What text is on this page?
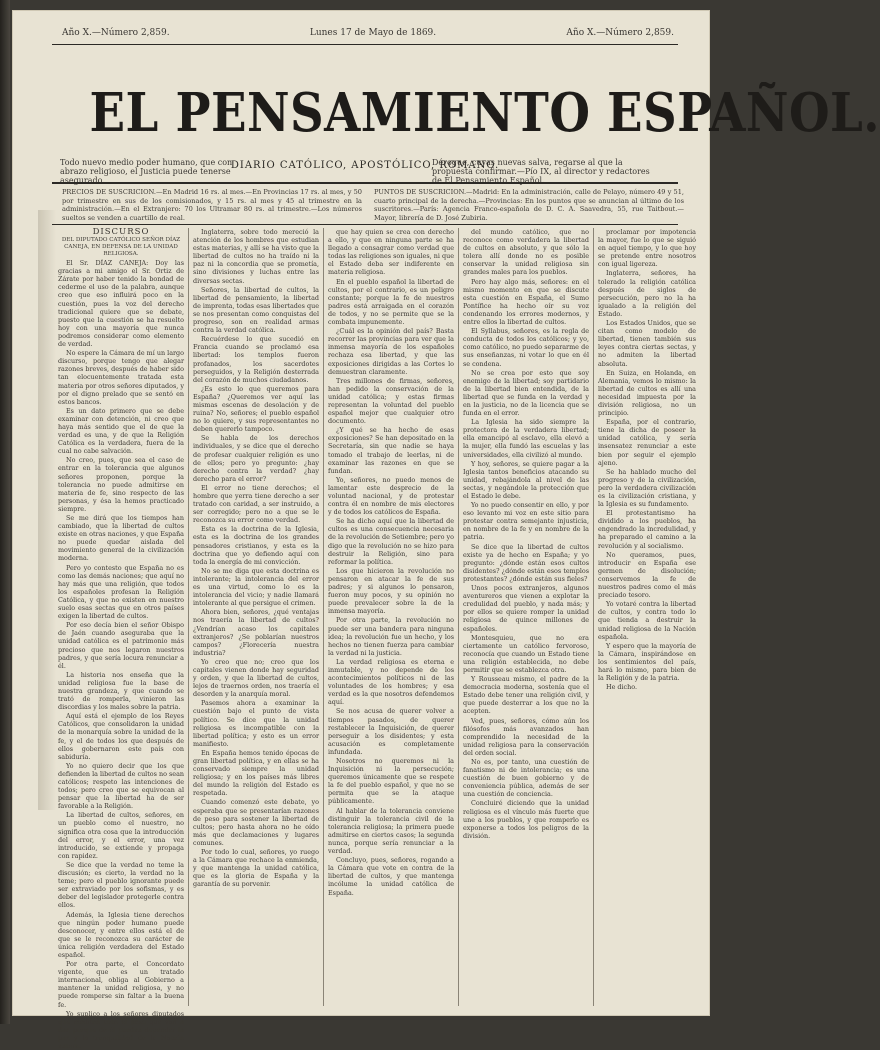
Año X.—Número 2,859.	Lunes 17 de Mayo de 1869.	Año X.—Número 2,859.
EL PENSAMIENTO ESPAÑOL.
Todo nuevo medio poder humano, que con abrazo religioso, el Justicia puede tenerse asegurado.
DIARIO CATÓLICO, APOSTÓLICO, ROMANO.
Dérogue, cuyas nuevas salva, regarse al que la propuesta confirmar.—Pío IX, al director y redactores de El Pensamiento Español.
PRECIOS DE SUSCRICION.—En Madrid 16 rs. al mes.—En Provincias 17 rs. al mes, y 50 por trimestre en sus de los comisionados, y 15 rs. al mes y 45 al trimestre en la administración.—En el Extranjero: 70 los Ultramar 80 rs. al trimestre.—Los números sueltos se venden a cuartillo de real.
PUNTOS DE SUSCRICION.—Madrid: En la administración, calle de Pelayo, número 49 y 51, cuarto principal de la derecha.—Provincias: En los puntos que se anuncian al último de los suscritores.—París: Agencia Franco-española de D. C. A. Saavedra, 55, rue Taitbout.—Mayor, librería de D. José Zubiria.

DISCURSO

DEL DIPUTADO CATÓLICO SEÑOR DÍAZ CANEJA, EN DEFENSA DE LA UNIDAD RELIGIOSA.

El Sr. DÍAZ CANEJA: Doy las gracias a mi amigo el Sr. Ortiz de Zárate por haber tenido la bondad de cederme el uso de la palabra, aunque creo que eso influirá poco en la cuestión, pues la voz del derecho tradicional quiere que se debate, puesto que la cuestión se ha resuelto hoy con una mayoría que nunca podremos considerar como elemento de verdad.

No espere la Cámara de mí un largo discurso, porque tengo que alegar razones breves, después de haber sido tan elocuentemente tratada esta materia por otros señores diputados, y por el digno prelado que se sentó en estos bancos.

Es un dato primero que se debe examinar con detención, ni creo que haya más sentido que el de que la verdad es una, y de que la Religión Católica es la verdadera, fuera de la cual no cabe salvación.

No creo, pues, que sea el caso de entrar en la tolerancia que algunos señores proponen, porque la tolerancia no puede admitirse en materia de fe, sino respecto de las personas, y ésa la hemos practicado siempre.

Se me dirá que los tiempos han cambiado, que la libertad de cultos existe en otras naciones, y que España no puede quedar aislada del movimiento general de la civilización moderna.

Pero yo contesto que España no es como las demás naciones; que aquí no hay más que una religión, que todos los españoles profesan la Religión Católica, y que no existen en nuestro suelo esas sectas que en otros países exigen la libertad de cultos.

Por eso decía bien el señor Obispo de Jaén cuando aseguraba que la unidad católica es el patrimonio más precioso que nos legaron nuestros padres, y que sería locura renunciar a él.

La historia nos enseña que la unidad religiosa fue la base de nuestra grandeza, y que cuando se trató de romperla, vinieron las discordias y los males sobre la patria.

Aquí está el ejemplo de los Reyes Católicos, que consolidaron la unidad de la monarquía sobre la unidad de la fe, y el de todos los que después de ellos gobernaron este país con sabiduría.

Yo no quiero decir que los que defienden la libertad de cultos no sean católicos; respeto las intenciones de todos; pero creo que se equivocan al pensar que la libertad ha de ser favorable a la Religión.

La libertad de cultos, señores, en un pueblo como el nuestro, no significa otra cosa que la introducción del error, y el error, una vez introducido, se extiende y propaga con rapidez.

Se dice que la verdad no teme la discusión; es cierto, la verdad no la teme; pero el pueblo ignorante puede ser extraviado por los sofismas, y es deber del legislador protegerle contra ellos.

Además, la Iglesia tiene derechos que ningún poder humano puede desconocer, y entre ellos está el de que se le reconozca su carácter de única religión verdadera del Estado español.

Por otra parte, el Concordato vigente, que es un tratado internacional, obliga al Gobierno a mantener la unidad religiosa, y no puede romperse sin faltar a la buena fe.

Yo suplico a los señores diputados que mediten bien el paso que van a dar, porque de él pueden depender la paz y la tranquilidad de la Nación entera.

Inglaterra, sobre todo mereció la atención de los hombres que estudian estas materias, y allí se ha visto que la libertad de cultos no ha traído ni la paz ni la concordia que se prometía, sino divisiones y luchas entre las diversas sectas.

Señores, la libertad de cultos, la libertad de pensamiento, la libertad de imprenta, todas esas libertades que se nos presentan como conquistas del progreso, son en realidad armas contra la verdad católica.

Recuérdese lo que sucedió en Francia cuando se proclamó esa libertad: los templos fueron profanados, los sacerdotes perseguidos, y la Religión desterrada del corazón de muchos ciudadanos.

¿Es esto lo que queremos para España? ¿Queremos ver aquí las mismas escenas de desolación y de ruina? No, señores; el pueblo español no lo quiere, y sus representantes no deben quererlo tampoco.

Se habla de los derechos individuales, y se dice que el derecho de profesar cualquier religión es uno de ellos; pero yo pregunto: ¿hay derecho contra la verdad? ¿hay derecho para el error?

El error no tiene derechos; el hombre que yerra tiene derecho a ser tratado con caridad, a ser instruido, a ser corregido; pero no a que se le reconozca su error como verdad.

Esta es la doctrina de la Iglesia, esta es la doctrina de los grandes pensadores cristianos, y esta es la doctrina que yo defiendo aquí con toda la energía de mi convicción.

No se me diga que esta doctrina es intolerante; la intolerancia del error es una virtud, como lo es la intolerancia del vicio; y nadie llamará intolerante al que persigue el crimen.

Ahora bien, señores, ¿qué ventajas nos traería la libertad de cultos? ¿Vendrían acaso los capitales extranjeros? ¿Se poblarían nuestros campos? ¿Florecería nuestra industria?

Yo creo que no; creo que los capitales vienen donde hay seguridad y orden, y que la libertad de cultos, lejos de traernos orden, nos traería el desorden y la anarquía moral.

Pasemos ahora a examinar la cuestión bajo el punto de vista político. Se dice que la unidad religiosa es incompatible con la libertad política; y esto es un error manifiesto.

En España hemos tenido épocas de gran libertad política, y en ellas se ha conservado siempre la unidad religiosa; y en los países más libres del mundo la religión del Estado es respetada.

Cuando comenzó este debate, yo esperaba que se presentarían razones de peso para sostener la libertad de cultos; pero hasta ahora no he oído más que declamaciones y lugares comunes.

Por todo lo cual, señores, yo ruego a la Cámara que rechace la enmienda, y que mantenga la unidad católica, que es la gloria de España y la garantía de su porvenir.

que hay quien se crea con derecho a ello, y que en ninguna parte se ha llegado a consagrar como verdad que todas las religiones son iguales, ni que el Estado deba ser indiferente en materia religiosa.

En el pueblo español la libertad de cultos, por el contrario, es un peligro constante; porque la fe de nuestros padres está arraigada en el corazón de todos, y no se permite que se la combata impunemente.

¿Cuál es la opinión del país? Basta recorrer las provincias para ver que la inmensa mayoría de los españoles rechaza esa libertad, y que las exposiciones dirigidas a las Cortes lo demuestran claramente.

Tres millones de firmas, señores, han pedido la conservación de la unidad católica; y estas firmas representan la voluntad del pueblo español mejor que cualquier otro documento.

¿Y qué se ha hecho de esas exposiciones? Se han depositado en la Secretaría, sin que nadie se haya tomado el trabajo de leerlas, ni de examinar las razones en que se fundan.

Yo, señores, no puedo menos de lamentar este desprecio de la voluntad nacional, y de protestar contra él en nombre de mis electores y de todos los católicos de España.

Se ha dicho aquí que la libertad de cultos es una consecuencia necesaria de la revolución de Setiembre; pero yo digo que la revolución no se hizo para destruir la Religión, sino para reformar la política.

Los que hicieron la revolución no pensaron en atacar la fe de sus padres; y si algunos lo pensaron, fueron muy pocos, y su opinión no puede prevalecer sobre la de la inmensa mayoría.

Por otra parte, la revolución no puede ser una bandera para ninguna idea; la revolución fue un hecho, y los hechos no tienen fuerza para cambiar la verdad ni la justicia.

La verdad religiosa es eterna e inmutable, y no depende de los acontecimientos políticos ni de las voluntades de los hombres; y esa verdad es la que nosotros defendemos aquí.

Se nos acusa de querer volver a tiempos pasados, de querer restablecer la Inquisición, de querer perseguir a los disidentes; y esta acusación es completamente infundada.

Nosotros no queremos ni la Inquisición ni la persecución; queremos únicamente que se respete la fe del pueblo español, y que no se permita que se la ataque públicamente.

Al hablar de la tolerancia conviene distinguir la tolerancia civil de la tolerancia religiosa; la primera puede admitirse en ciertos casos; la segunda nunca, porque sería renunciar a la verdad.

Concluyo, pues, señores, rogando a la Cámara que vote en contra de la libertad de cultos, y que mantenga incólume la unidad católica de España.

del mundo católico, que no reconoce como verdadera la libertad de cultos en absoluto, y que sólo la tolera allí donde no es posible conservar la unidad religiosa sin grandes males para los pueblos.

Pero hay algo más, señores: en el mismo momento en que se discute esta cuestión en España, el Sumo Pontífice ha hecho oír su voz condenando los errores modernos, y entre ellos la libertad de cultos.

El Syllabus, señores, es la regla de conducta de todos los católicos; y yo, como católico, no puedo separarme de sus enseñanzas, ni votar lo que en él se condena.

No se crea por esto que soy enemigo de la libertad; soy partidario de la libertad bien entendida, de la libertad que se funda en la verdad y en la justicia, no de la licencia que se funda en el error.

La Iglesia ha sido siempre la protectora de la verdadera libertad; ella emancipó al esclavo, ella elevó a la mujer, ella fundó las escuelas y las universidades, ella civilizó al mundo.

Y hoy, señores, se quiere pagar a la Iglesia tantos beneficios atacando su unidad, rebajándola al nivel de las sectas, y negándole la protección que el Estado le debe.

Yo no puedo consentir en ello, y por eso levanto mi voz en este sitio para protestar contra semejante injusticia, en nombre de la fe y en nombre de la patria.

Se dice que la libertad de cultos existe ya de hecho en España; y yo pregunto: ¿dónde están esos cultos disidentes? ¿dónde están esos templos protestantes? ¿dónde están sus fieles?

Unos pocos extranjeros, algunos aventureros que vienen a explotar la credulidad del pueblo, y nada más; y por ellos se quiere romper la unidad religiosa de quince millones de españoles.

Montesquieu, que no era ciertamente un católico fervoroso, reconocía que cuando un Estado tiene una religión establecida, no debe permitir que se establezca otra.

Y Rousseau mismo, el padre de la democracia moderna, sostenía que el Estado debe tener una religión civil, y que puede desterrar a los que no la acepten.

Ved, pues, señores, cómo aún los filósofos más avanzados han comprendido la necesidad de la unidad religiosa para la conservación del orden social.

No es, por tanto, una cuestión de fanatismo ni de intolerancia; es una cuestión de buen gobierno y de conveniencia pública, además de ser una cuestión de conciencia.

Concluiré diciendo que la unidad religiosa es el vínculo más fuerte que une a los pueblos, y que romperlo es exponerse a todos los peligros de la división.

proclamar por impotencia la mayor, fue lo que se siguió en aquel tiempo, y lo que hoy se pretende entre nosotros con igual ligereza.

Inglaterra, señores, ha tolerado la religión católica después de siglos de persecución, pero no la ha igualado a la religión del Estado.

Los Estados Unidos, que se citan como modelo de libertad, tienen también sus leyes contra ciertas sectas, y no admiten la libertad absoluta.

En Suiza, en Holanda, en Alemania, vemos lo mismo: la libertad de cultos es allí una necesidad impuesta por la división religiosa, no un principio.

España, por el contrario, tiene la dicha de poseer la unidad católica, y sería insensatez renunciar a este bien por seguir el ejemplo ajeno.

Se ha hablado mucho del progreso y de la civilización, pero la verdadera civilización es la civilización cristiana, y la Iglesia es su fundamento.

El protestantismo ha dividido a los pueblos, ha engendrado la incredulidad, y ha preparado el camino a la revolución y al socialismo.

No queramos, pues, introducir en España ese germen de disolución; conservemos la fe de nuestros padres como el más preciado tesoro.

Yo votaré contra la libertad de cultos, y contra todo lo que tienda a destruir la unidad religiosa de la Nación española.

Y espero que la mayoría de la Cámara, inspirándose en los sentimientos del país, hará lo mismo, para bien de la Religión y de la patria.

He dicho.
